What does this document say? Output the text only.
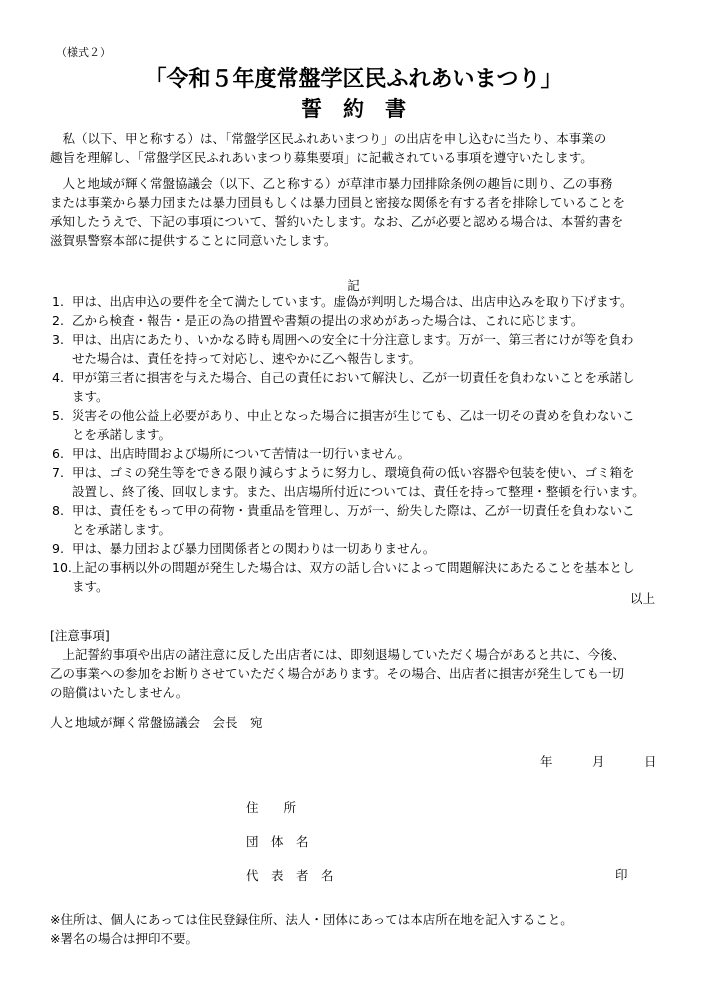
（様式２）
「令和５年度常盤学区民ふれあいまつり」
誓　約　書
　私（以下、甲と称する）は、「常盤学区民ふれあいまつり」の出店を申し込むに当たり、本事業の
趣旨を理解し、「常盤学区民ふれあいまつり募集要項」に記載されている事項を遵守いたします。
　人と地域が輝く常盤協議会（以下、乙と称する）が草津市暴力団排除条例の趣旨に則り、乙の事務
または事業から暴力団または暴力団員もしくは暴力団員と密接な関係を有する者を排除していることを
承知したうえで、下記の事項について、誓約いたします。なお、乙が必要と認める場合は、本誓約書を
滋賀県警察本部に提供することに同意いたします。
記
1. 甲は、出店申込の要件を全て満たしています。虚偽が判明した場合は、出店申込みを取り下げます。
2. 乙から検査・報告・是正の為の措置や書類の提出の求めがあった場合は、これに応じます。
3. 甲は、出店にあたり、いかなる時も周囲への安全に十分注意します。万が一、第三者にけが等を負わ
せた場合は、責任を持って対応し、速やかに乙へ報告します。
4. 甲が第三者に損害を与えた場合、自己の責任において解決し、乙が一切責任を負わないことを承諾し
ます。
5. 災害その他公益上必要があり、中止となった場合に損害が生じても、乙は一切その責めを負わないこ
とを承諾します。
6. 甲は、出店時間および場所について苦情は一切行いません。
7. 甲は、ゴミの発生等をできる限り減らすように努力し、環境負荷の低い容器や包装を使い、ゴミ箱を
設置し、終了後、回収します。また、出店場所付近については、責任を持って整理・整頓を行います。
8. 甲は、責任をもって甲の荷物・貴重品を管理し、万が一、紛失した際は、乙が一切責任を負わないこ
とを承諾します。
9. 甲は、暴力団および暴力団関係者との関わりは一切ありません。
10. 上記の事柄以外の問題が発生した場合は、双方の話し合いによって問題解決にあたることを基本とし
ます。
以上
[注意事項]
　上記誓約事項や出店の諸注意に反した出店者には、即刻退場していただく場合があると共に、今後、
乙の事業への参加をお断りさせていただく場合があります。その場合、出店者に損害が発生しても一切
の賠償はいたしません。
人と地域が輝く常盤協議会　会長　宛
年	月	日
住　　所
団　体　名
代　表　者　名	印
※住所は、個人にあっては住民登録住所、法人・団体にあっては本店所在地を記入すること。
※署名の場合は押印不要。
